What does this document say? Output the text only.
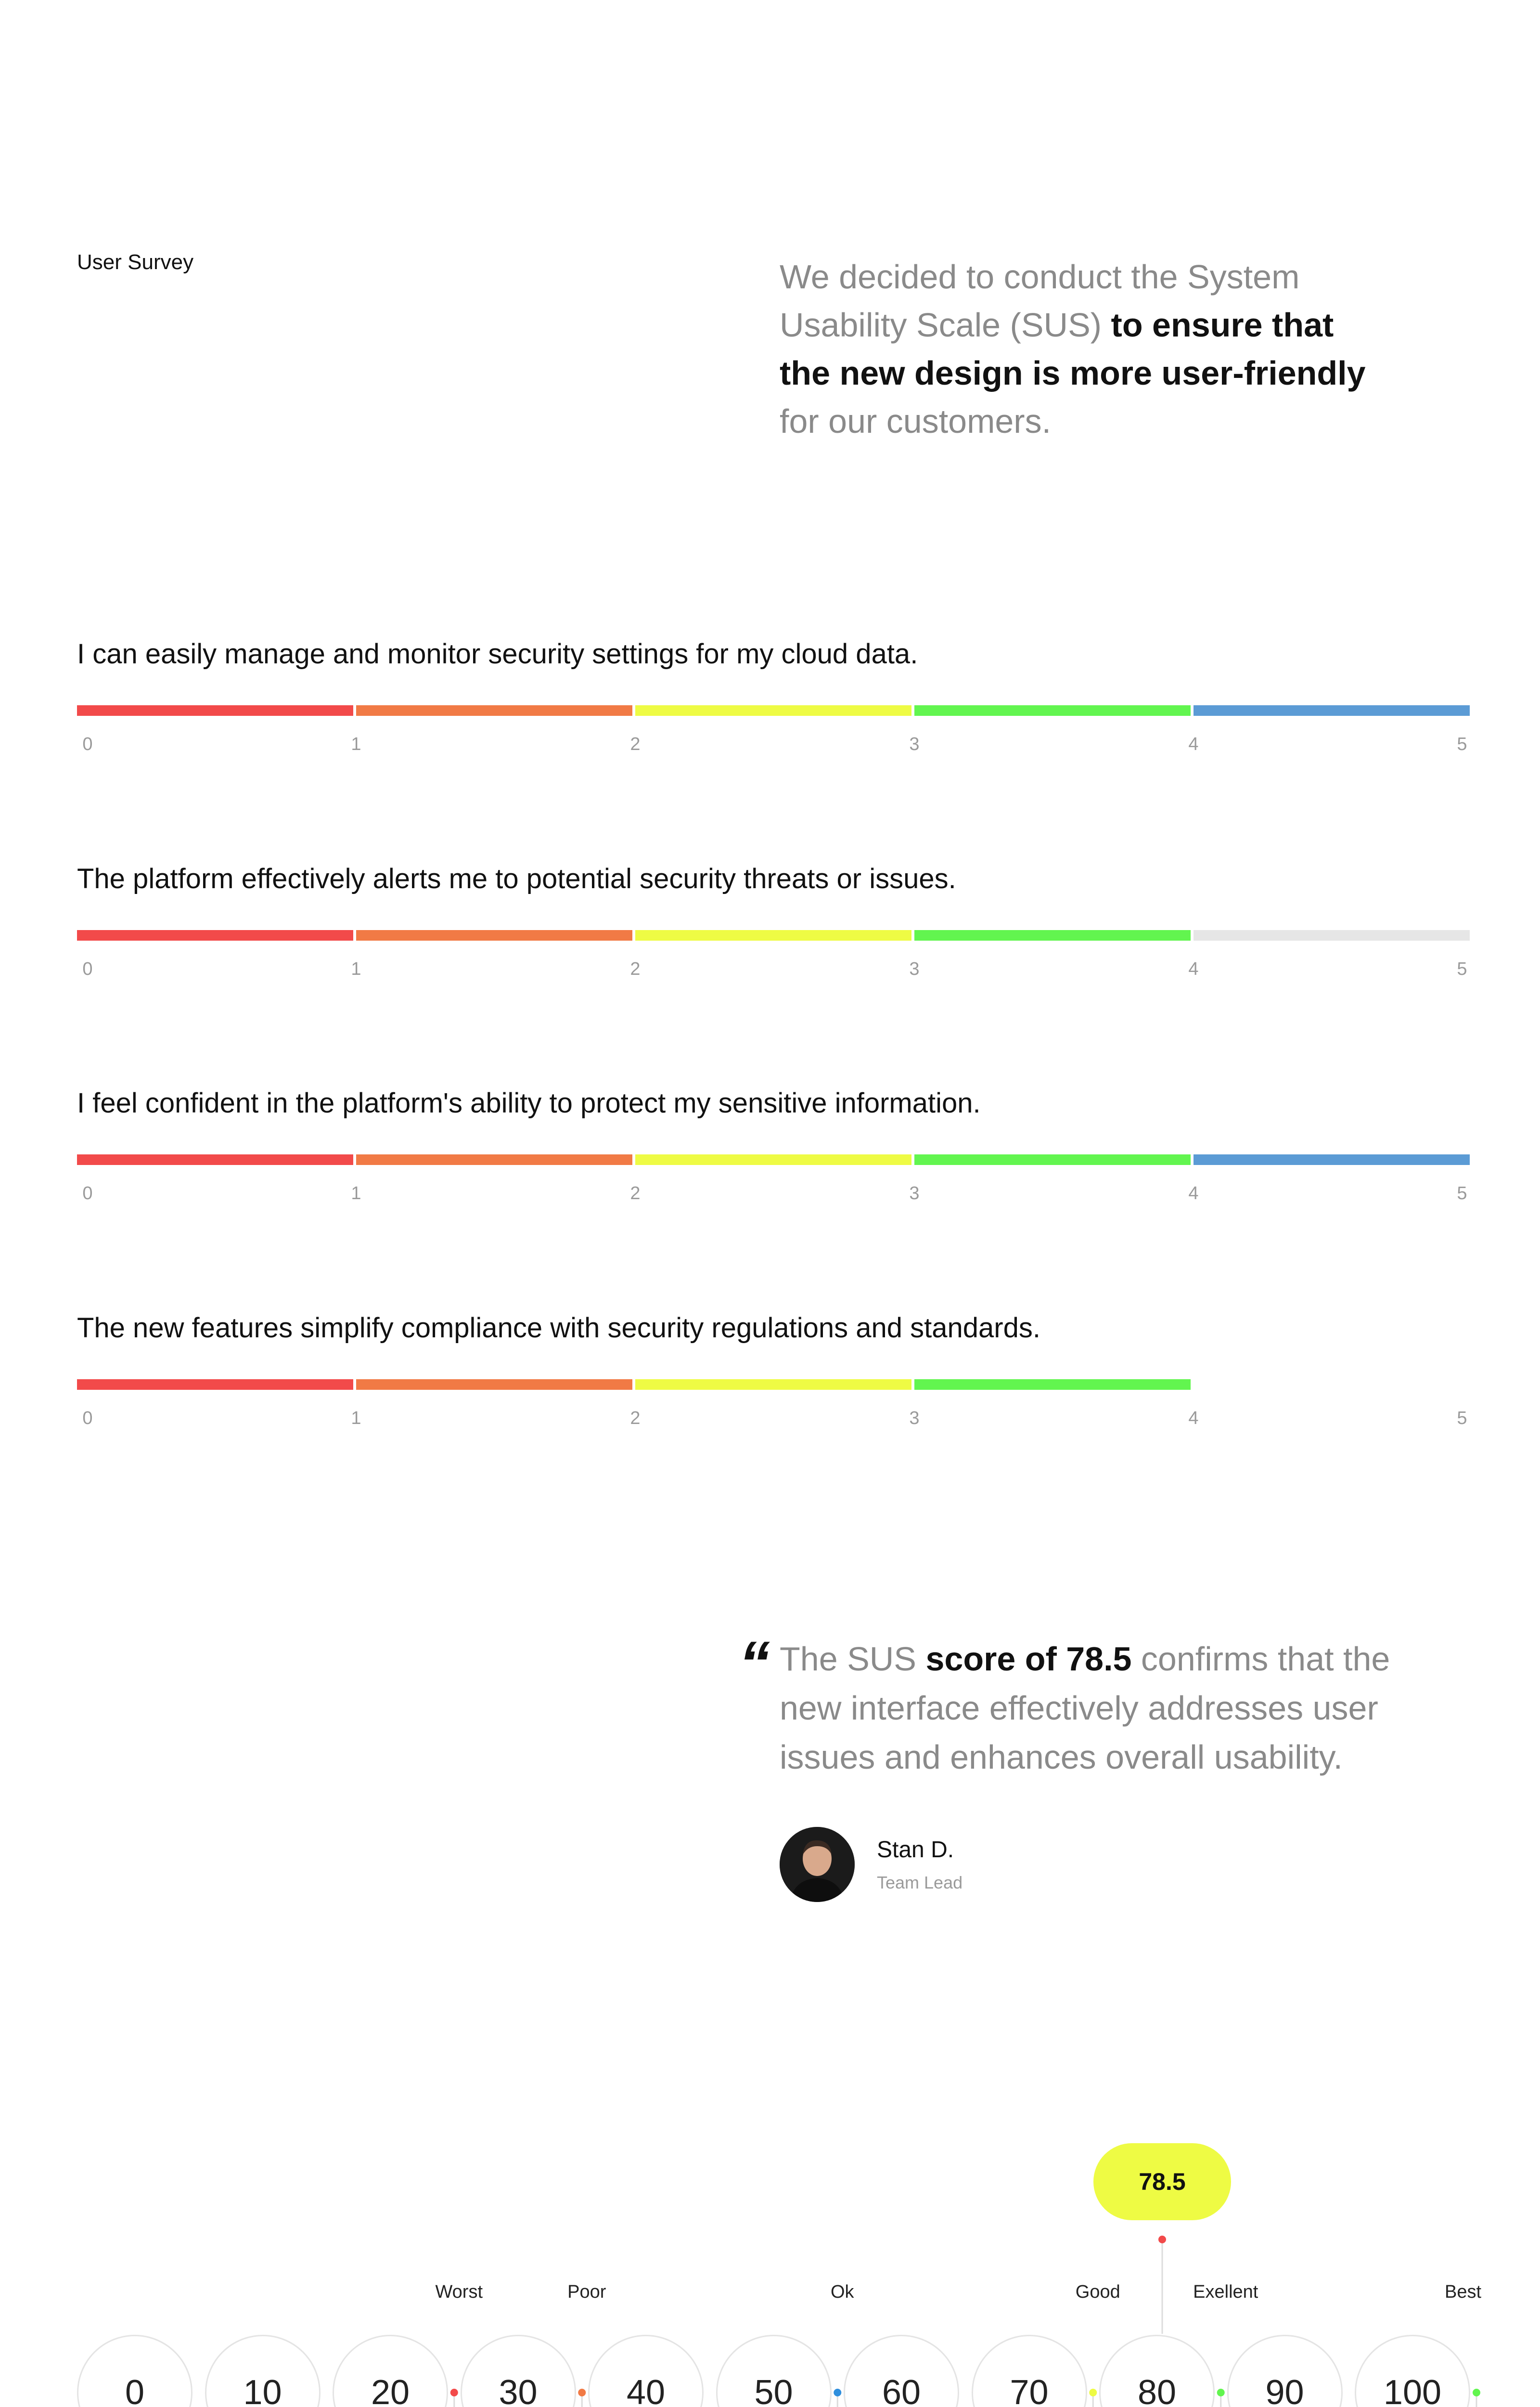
User Survey	We decided to conduct the System Usability Scale (SUS) to ensure that the new design is more user-friendly for our customers.
I can easily manage and monitor security settings for my cloud data.
0	1	2	3	4	5
The platform effectively alerts me to potential security threats or issues.
0	1	2	3	4	5
I feel confident in the platform's ability to protect my sensitive information.
0	1	2	3	4	5
The new features simplify compliance with security regulations and standards.
0	1	2	3	4	5
“ The SUS score of 78.5 confirms that the new interface effectively addresses user issues and enhances overall usability.
Stan D.
Team Lead
78.5
0	10	20	30	40	50	60	70	80	90	100
Worst	Poor	Ok	Good	Exellent	Best
